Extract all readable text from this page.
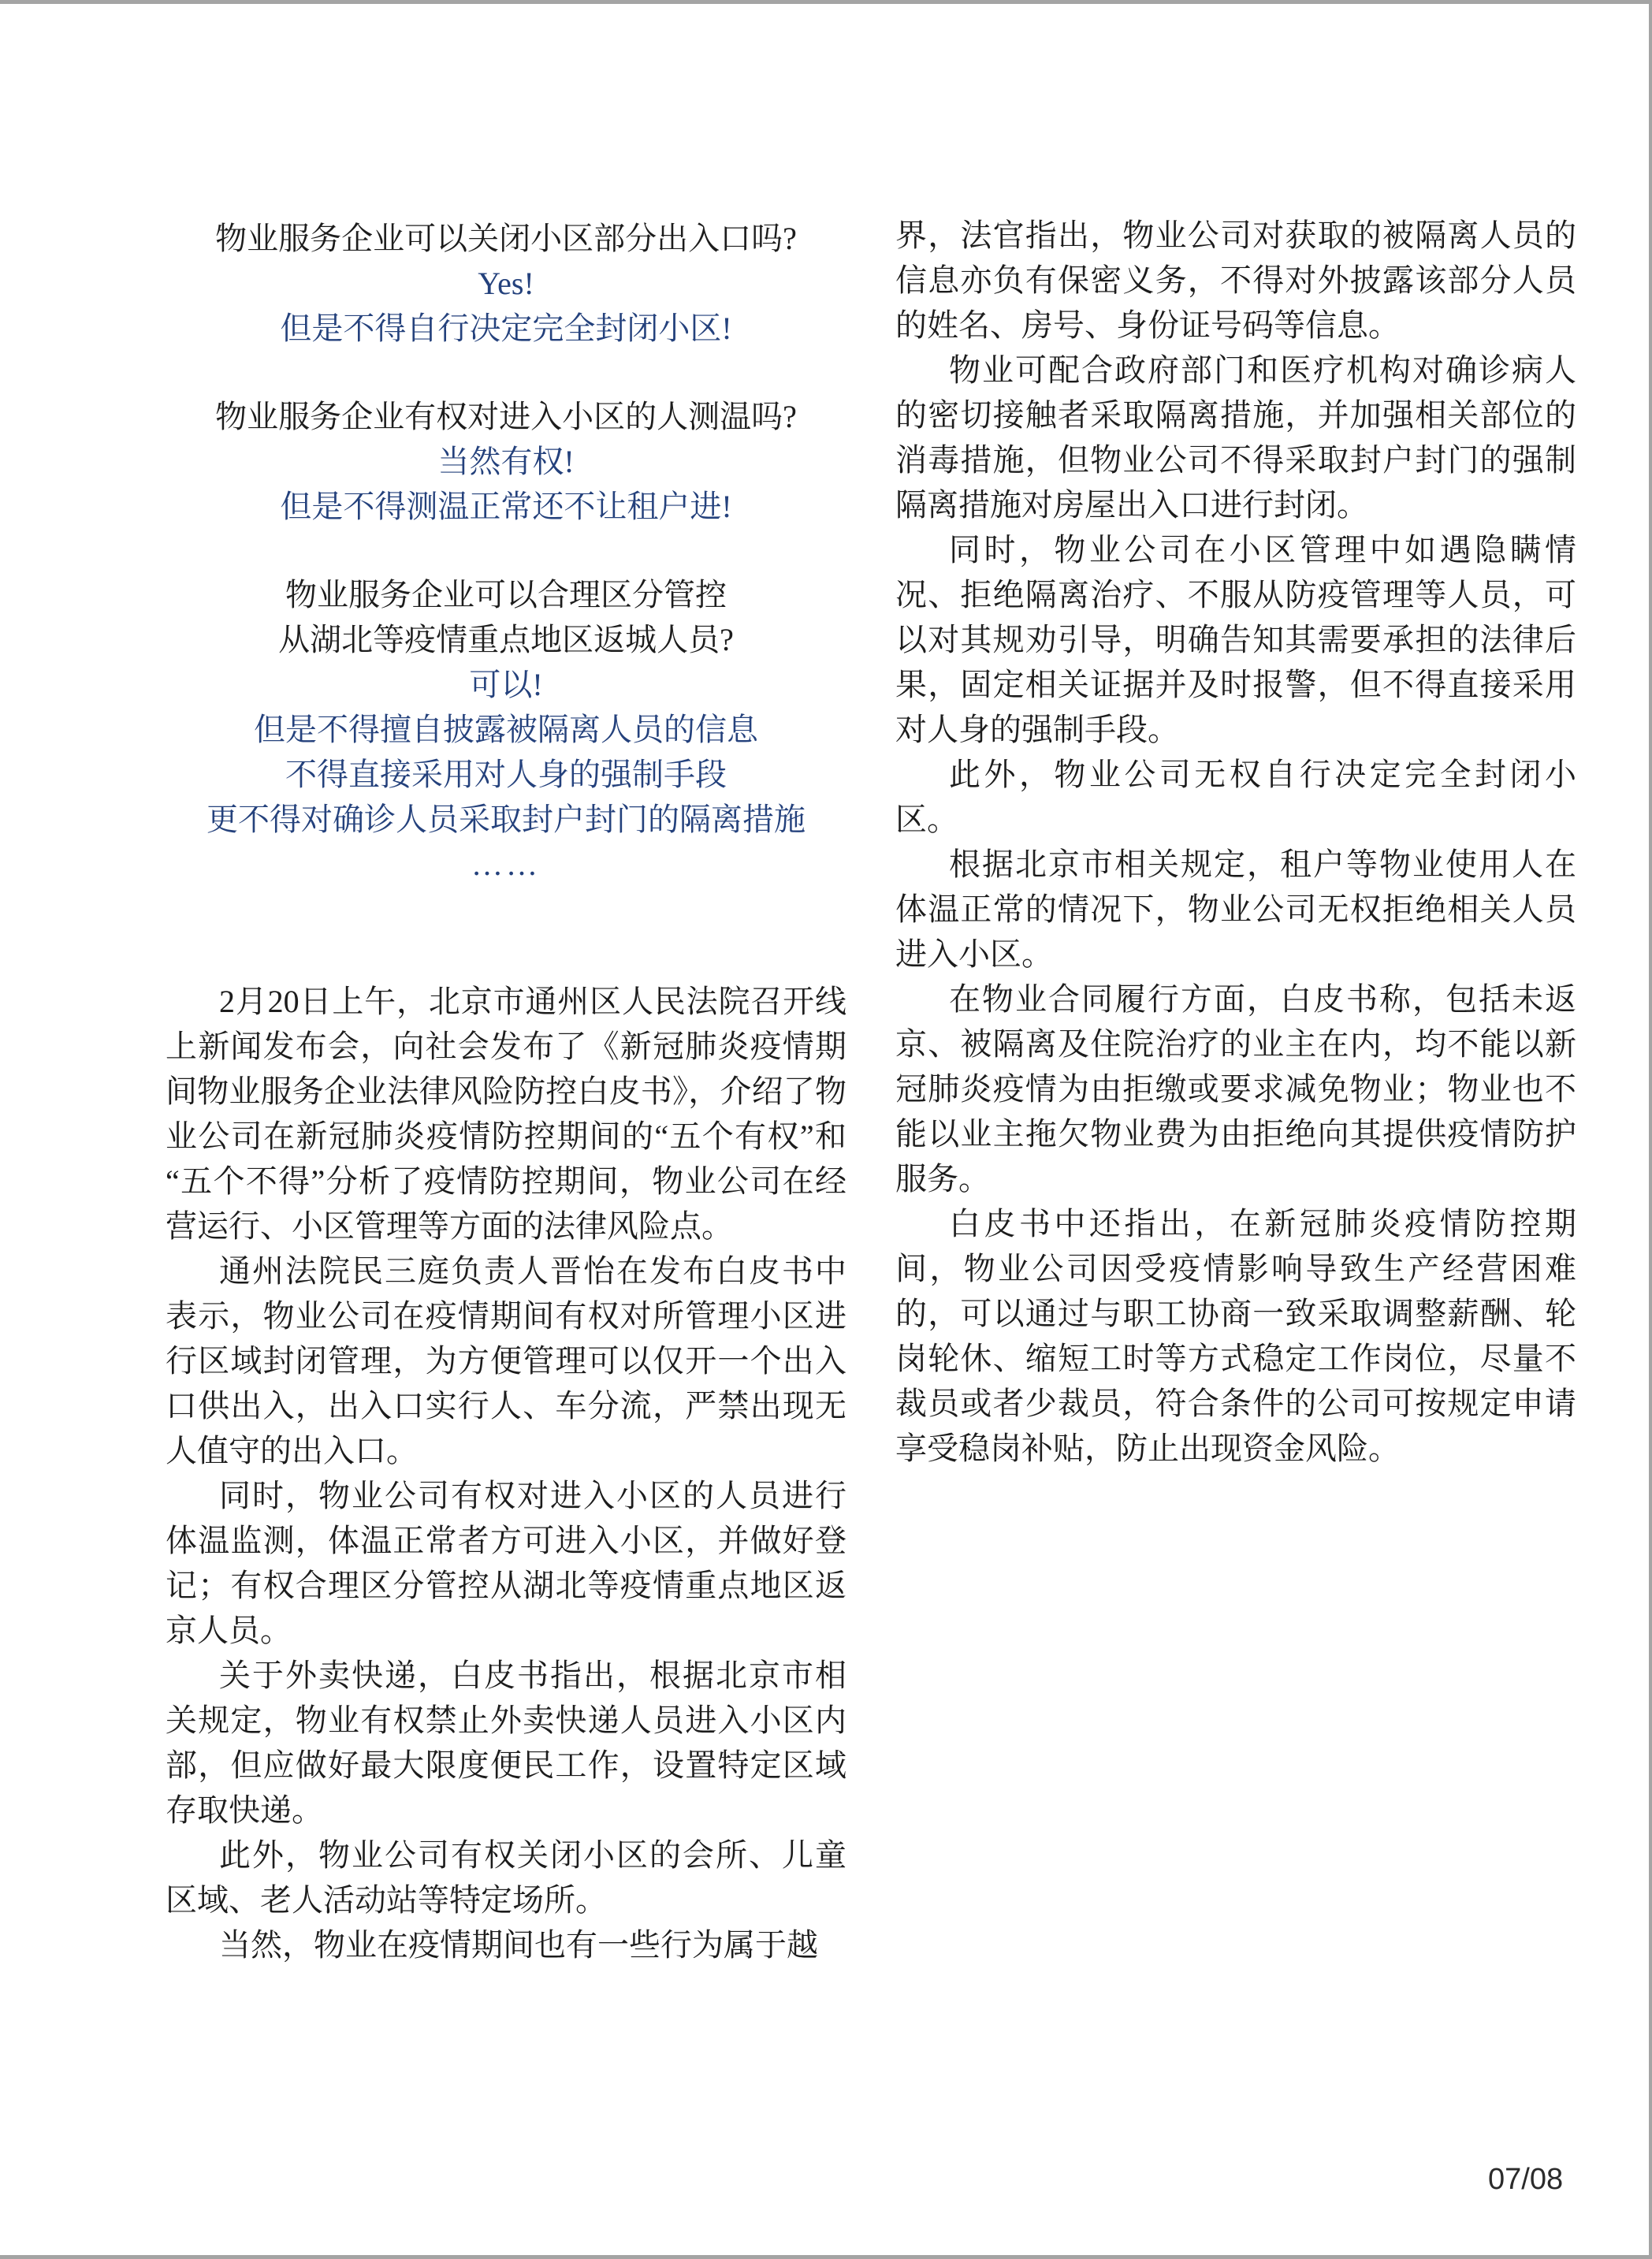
物业服务企业可以关闭小区部分出入口吗?

Yes!

但是不得自行决定完全封闭小区!

物业服务企业有权对进入小区的人测温吗?

当然有权!

但是不得测温正常还不让租户进!

物业服务企业可以合理区分管控

从湖北等疫情重点地区返城人员?

可以!

但是不得擅自披露被隔离人员的信息

不得直接采用对人身的强制手段

更不得对确诊人员采取封户封门的隔离措施

……

2月20日上午，北京市通州区人民法院召开线上新闻发布会，向社会发布了《新冠肺炎疫情期间物业服务企业法律风险防控白皮书》，介绍了物业公司在新冠肺炎疫情防控期间的“五个有权”和“五个不得”分析了疫情防控期间，物业公司在经营运行、小区管理等方面的法律风险点。

通州法院民三庭负责人晋怡在发布白皮书中表示，物业公司在疫情期间有权对所管理小区进行区域封闭管理，为方便管理可以仅开一个出入口供出入，出入口实行人、车分流，严禁出现无人值守的出入口。

同时，物业公司有权对进入小区的人员进行体温监测，体温正常者方可进入小区，并做好登记；有权合理区分管控从湖北等疫情重点地区返京人员。

关于外卖快递，白皮书指出，根据北京市相关规定，物业有权禁止外卖快递人员进入小区内部，但应做好最大限度便民工作，设置特定区域存取快递。

此外，物业公司有权关闭小区的会所、儿童区域、老人活动站等特定场所。

当然，物业在疫情期间也有一些行为属于越

界，法官指出，物业公司对获取的被隔离人员的信息亦负有保密义务，不得对外披露该部分人员的姓名、房号、身份证号码等信息。

物业可配合政府部门和医疗机构对确诊病人的密切接触者采取隔离措施，并加强相关部位的消毒措施，但物业公司不得采取封户封门的强制隔离措施对房屋出入口进行封闭。

同时，物业公司在小区管理中如遇隐瞒情况、拒绝隔离治疗、不服从防疫管理等人员，可以对其规劝引导，明确告知其需要承担的法律后果，固定相关证据并及时报警，但不得直接采用对人身的强制手段。

此外，物业公司无权自行决定完全封闭小区。

根据北京市相关规定，租户等物业使用人在体温正常的情况下，物业公司无权拒绝相关人员进入小区。

在物业合同履行方面，白皮书称，包括未返京、被隔离及住院治疗的业主在内，均不能以新冠肺炎疫情为由拒缴或要求减免物业；物业也不能以业主拖欠物业费为由拒绝向其提供疫情防护服务。

白皮书中还指出，在新冠肺炎疫情防控期间，物业公司因受疫情影响导致生产经营困难的，可以通过与职工协商一致采取调整薪酬、轮岗轮休、缩短工时等方式稳定工作岗位，尽量不裁员或者少裁员，符合条件的公司可按规定申请享受稳岗补贴，防止出现资金风险。

07/08
